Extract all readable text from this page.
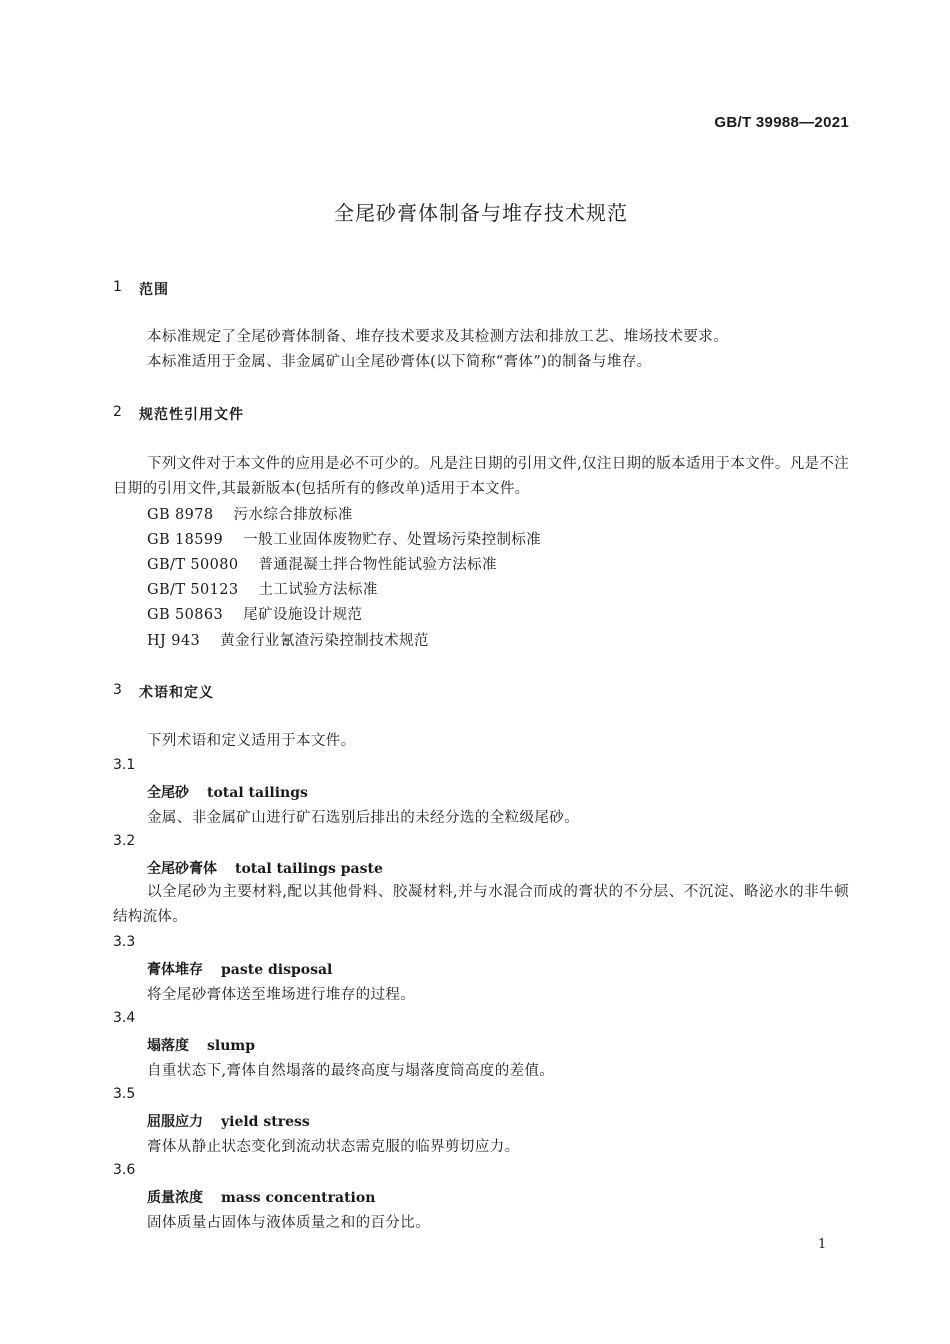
GB/T 39988—2021
全尾砂膏体制备与堆存技术规范
1 范围
本标准规定了全尾砂膏体制备、堆存技术要求及其检测方法和排放工艺、堆场技术要求。
本标准适用于金属、非金属矿山全尾砂膏体(以下简称“膏体”)的制备与堆存。
2 规范性引用文件
下列文件对于本文件的应用是必不可少的。凡是注日期的引用文件,仅注日期的版本适用于本文件。凡是不注日期的引用文件,其最新版本(包括所有的修改单)适用于本文件。
GB 8978 污水综合排放标准
GB 18599 一般工业固体废物贮存、处置场污染控制标准
GB/T 50080 普通混凝土拌合物性能试验方法标准
GB/T 50123 土工试验方法标准
GB 50863 尾矿设施设计规范
HJ 943 黄金行业氰渣污染控制技术规范
3 术语和定义
下列术语和定义适用于本文件。
3.1
全尾砂 total tailings
金属、非金属矿山进行矿石选别后排出的未经分选的全粒级尾砂。
3.2
全尾砂膏体 total tailings paste
以全尾砂为主要材料,配以其他骨料、胶凝材料,并与水混合而成的膏状的不分层、不沉淀、略泌水的非牛顿结构流体。
3.3
膏体堆存 paste disposal
将全尾砂膏体送至堆场进行堆存的过程。
3.4
塌落度 slump
自重状态下,膏体自然塌落的最终高度与塌落度筒高度的差值。
3.5
屈服应力 yield stress
膏体从静止状态变化到流动状态需克服的临界剪切应力。
3.6
质量浓度 mass concentration
固体质量占固体与液体质量之和的百分比。
1
